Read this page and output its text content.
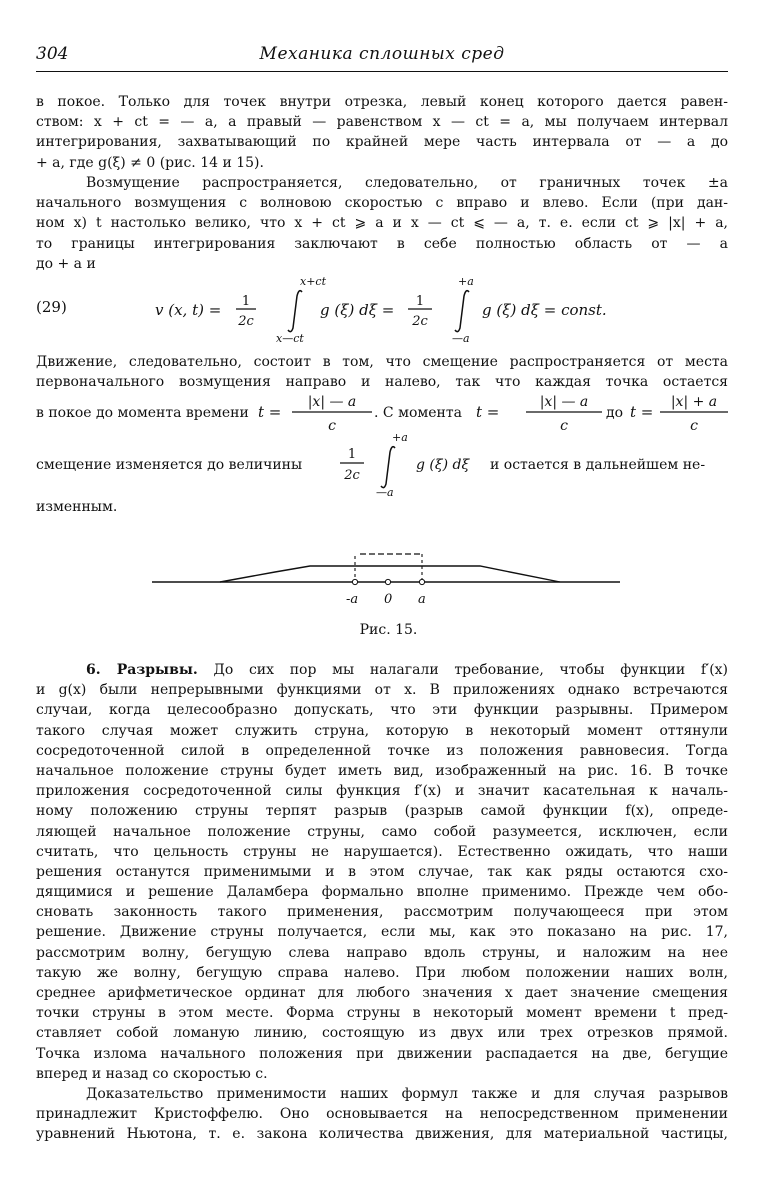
304	Механика сплошных сред
в покое. Только для точек внутри отрезка, левый конец которого дается равен-
ством: x + ct = — a, а правый — равенством x — ct = a, мы получаем интервал
интегрирования, захватывающий по крайней мере часть интервала от — a до
+ a, где g(ξ) ≠ 0 (рис. 14 и 15).
Возмущение распространяется, следовательно, от граничных точек ±a
начального возмущения с волновою скоростью c вправо и влево. Если (при дан-
ном x) t настолько велико, что x + ct ⩾ a и x — ct ⩽ — a, т. е. если ct ⩾ |x| + a,
то границы интегрирования заключают в себе полностью область от — a
до + a и
(29)	v (x, t) = 1
2c
x+ct
x—ct
g (ξ) dξ = 1
2c
+a
—a
g (ξ) dξ = const.
Движение, следовательно, состоит в том, что смещение распространяется от места
первоначального возмущения направо и налево, так что каждая точка остается
в покое до момента времени t =
|x| — a
c
. С момента t =
|x| — a
c
до t =
|x| + a
c
смещение изменяется до величины
1
2c
+a
—a
g (ξ) dξ и остается в дальнейшем не-
изменным.
-a 0 a
Рис. 15.
6. Разрывы. До сих пор мы налагали требование, чтобы функции f′(x)
и g(x) были непрерывными функциями от x. В приложениях однако встречаются
случаи, когда целесообразно допускать, что эти функции разрывны. Примером
такого случая может служить струна, которую в некоторый момент оттянули
сосредоточенной силой в определенной точке из положения равновесия. Тогда
начальное положение струны будет иметь вид, изображенный на рис. 16. В точке
приложения сосредоточенной силы функция f′(x) и значит касательная к началь-
ному положению струны терпят разрыв (разрыв самой функции f(x), опреде-
ляющей начальное положение струны, само собой разумеется, исключен, если
считать, что цельность струны не нарушается). Естественно ожидать, что наши
решения останутся применимыми и в этом случае, так как ряды остаются схо-
дящимися и решение Даламбера формально вполне применимо. Прежде чем обо-
сновать законность такого применения, рассмотрим получающееся при этом
решение. Движение струны получается, если мы, как это показано на рис. 17,
рассмотрим волну, бегущую слева направо вдоль струны, и наложим на нее
такую же волну, бегущую справа налево. При любом положении наших волн,
среднее арифметическое ординат для любого значения x дает значение смещения
точки струны в этом месте. Форма струны в некоторый момент времени t пред-
ставляет собой ломаную линию, состоящую из двух или трех отрезков прямой.
Точка излома начального положения при движении распадается на две, бегущие
вперед и назад со скоростью c.
Доказательство применимости наших формул также и для случая разрывов
принадлежит Кристоффелю. Оно основывается на непосредственном применении
уравнений Ньютона, т. е. закона количества движения, для материальной частицы,
